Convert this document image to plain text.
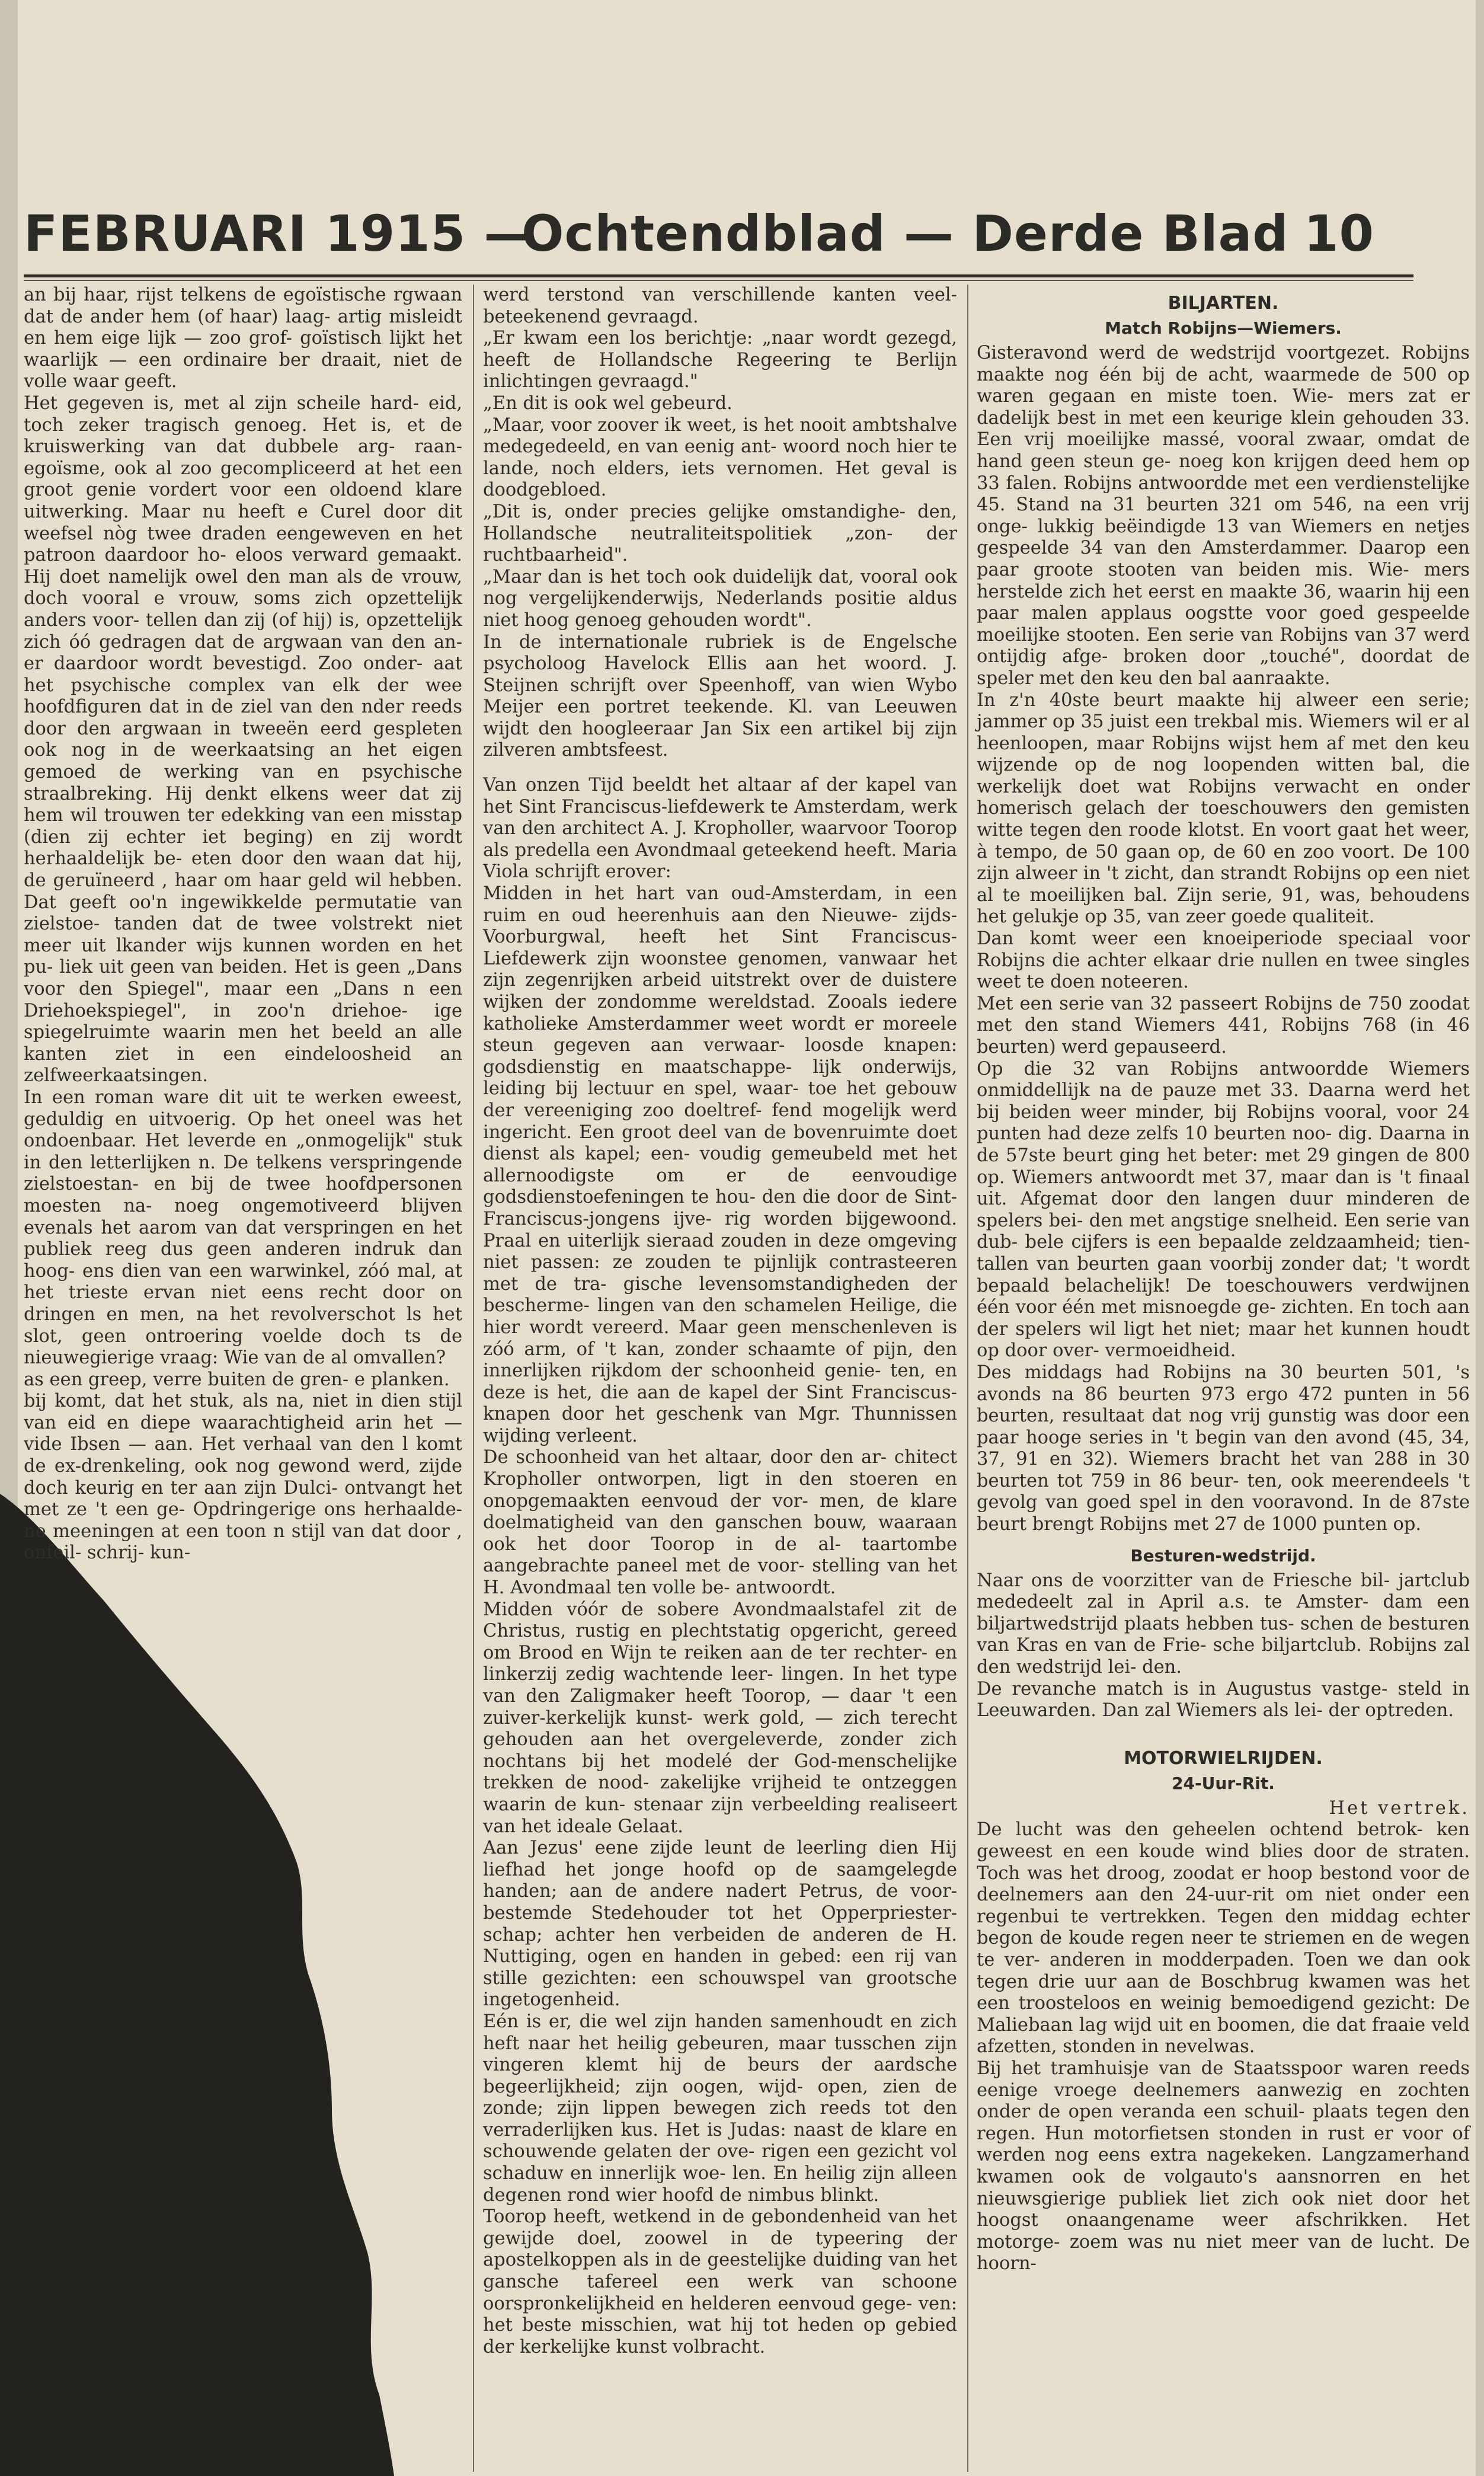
FEBRUARI 1915 —
Ochtendblad — Derde Blad 10

an bij haar, rijst telkens de egoïstische rgwaan dat de ander hem (of haar) laag- artig misleidt en hem eige lijk — zoo grof- goïstisch lijkt het waarlijk — een ordinaire ber draait, niet de volle waar geeft.

Het gegeven is, met al zijn scheile hard- eid, toch zeker tragisch genoeg. Het is, et de kruiswerking van dat dubbele arg- raan-egoïsme, ook al zoo gecompliceerd at het een groot genie vordert voor een oldoend klare uitwerking. Maar nu heeft e Curel door dit weefsel nòg twee draden eengeweven en het patroon daardoor ho- eloos verward gemaakt. Hij doet namelijk owel den man als de vrouw, doch vooral e vrouw, soms zich opzettelijk anders voor- tellen dan zij (of hij) is, opzettelijk zich óó gedragen dat de argwaan van den an- er daardoor wordt bevestigd. Zoo onder- aat het psychische complex van elk der wee hoofdfiguren dat in de ziel van den nder reeds door den argwaan in tweeën eerd gespleten ook nog in de weerkaatsing an het eigen gemoed de werking van en psychische straalbreking. Hij denkt elkens weer dat zij hem wil trouwen ter edekking van een misstap (dien zij echter iet beging) en zij wordt herhaaldelijk be- eten door den waan dat hij, de geruïneerd , haar om haar geld wil hebben. Dat geeft oo'n ingewikkelde permutatie van zielstoe- tanden dat de twee volstrekt niet meer uit lkander wijs kunnen worden en het pu- liek uit geen van beiden. Het is geen „Dans voor den Spiegel", maar een „Dans n een Driehoekspiegel", in zoo'n driehoe- ige spiegelruimte waarin men het beeld an alle kanten ziet in een eindeloosheid an zelfweerkaatsingen.

In een roman ware dit uit te werken eweest, geduldig en uitvoerig. Op het oneel was het ondoenbaar. Het leverde en „onmogelijk" stuk in den letterlijken n. De telkens verspringende zielstoestan- en bij de twee hoofdpersonen moesten na- noeg ongemotiveerd blijven evenals het aarom van dat verspringen en het publiek reeg dus geen anderen indruk dan hoog- ens dien van een warwinkel, zóó mal, at het trieste ervan niet eens recht door on dringen en men, na het revolverschot ls het slot, geen ontroering voelde doch ts de nieuwegierige vraag: Wie van de al omvallen?

as een greep, verre buiten de gren- e planken.

bij komt, dat het stuk, als na, niet in dien stijl van eid en diepe waarachtigheid arin het — vide Ibsen — aan. Het verhaal van den l komt de ex-drenkeling, ook nog gewond werd, zijde doch keurig en ter aan zijn Dulci- ontvangt het met ze 't een ge- Opdringerige ons herhaalde- ne meeningen at een toon n stijl van dat door , onfeil- schrij- kun-

werd terstond van verschillende kanten veel- beteekenend gevraagd.

„Er kwam een los berichtje: „naar wordt gezegd, heeft de Hollandsche Regeering te Berlijn inlichtingen gevraagd."

„En dit is ook wel gebeurd.

„Maar, voor zoover ik weet, is het nooit ambtshalve medegedeeld, en van eenig ant- woord noch hier te lande, noch elders, iets vernomen. Het geval is doodgebloed.

„Dit is, onder precies gelijke omstandighe- den, Hollandsche neutraliteitspolitiek „zon- der ruchtbaarheid".

„Maar dan is het toch ook duidelijk dat, vooral ook nog vergelijkenderwijs, Nederlands positie aldus niet hoog genoeg gehouden wordt".

In de internationale rubriek is de Engelsche psycholoog Havelock Ellis aan het woord. J. Steijnen schrijft over Speenhoff, van wien Wybo Meijer een portret teekende. Kl. van Leeuwen wijdt den hoogleeraar Jan Six een artikel bij zijn zilveren ambtsfeest.

Van onzen Tijd beeldt het altaar af der kapel van het Sint Franciscus-liefdewerk te Amsterdam, werk van den architect A. J. Kropholler, waarvoor Toorop als predella een Avondmaal geteekend heeft. Maria Viola schrijft erover:

Midden in het hart van oud-Amsterdam, in een ruim en oud heerenhuis aan den Nieuwe- zijds-Voorburgwal, heeft het Sint Franciscus- Liefdewerk zijn woonstee genomen, vanwaar het zijn zegenrijken arbeid uitstrekt over de duistere wijken der zondomme wereldstad. Zooals iedere katholieke Amsterdammer weet wordt er moreele steun gegeven aan verwaar- loosde knapen: godsdienstig en maatschappe- lijk onderwijs, leiding bij lectuur en spel, waar- toe het gebouw der vereeniging zoo doeltref- fend mogelijk werd ingericht. Een groot deel van de bovenruimte doet dienst als kapel; een- voudig gemeubeld met het allernoodigste om er de eenvoudige godsdienstoefeningen te hou- den die door de Sint- Franciscus-jongens ijve- rig worden bijgewoond. Praal en uiterlijk sieraad zouden in deze omgeving niet passen: ze zouden te pijnlijk contrasteeren met de tra- gische levensomstandigheden der bescherme- lingen van den schamelen Heilige, die hier wordt vereerd. Maar geen menschenleven is zóó arm, of 't kan, zonder schaamte of pijn, den innerlijken rijkdom der schoonheid genie- ten, en deze is het, die aan de kapel der Sint Franciscus-knapen door het geschenk van Mgr. Thunnissen wijding verleent.

De schoonheid van het altaar, door den ar- chitect Kropholler ontworpen, ligt in den stoeren en onopgemaakten eenvoud der vor- men, de klare doelmatigheid van den ganschen bouw, waaraan ook het door Toorop in de al- taartombe aangebrachte paneel met de voor- stelling van het H. Avondmaal ten volle be- antwoordt.

Midden vóór de sobere Avondmaalstafel zit de Christus, rustig en plechtstatig opgericht, gereed om Brood en Wijn te reiken aan de ter rechter- en linkerzij zedig wachtende leer- lingen. In het type van den Zaligmaker heeft Toorop, — daar 't een zuiver-kerkelijk kunst- werk gold, — zich terecht gehouden aan het overgeleverde, zonder zich nochtans bij het modelé der God-menschelijke trekken de nood- zakelijke vrijheid te ontzeggen waarin de kun- stenaar zijn verbeelding realiseert van het ideale Gelaat.

Aan Jezus' eene zijde leunt de leerling dien Hij liefhad het jonge hoofd op de saamgelegde handen; aan de andere nadert Petrus, de voor- bestemde Stedehouder tot het Opperpriester- schap; achter hen verbeiden de anderen de H. Nuttiging, ogen en handen in gebed: een rij van stille gezichten: een schouwspel van grootsche ingetogenheid.

Eén is er, die wel zijn handen samenhoudt en zich heft naar het heilig gebeuren, maar tusschen zijn vingeren klemt hij de beurs der aardsche begeerlijkheid; zijn oogen, wijd- open, zien de zonde; zijn lippen bewegen zich reeds tot den verraderlijken kus. Het is Judas: naast de klare en schouwende gelaten der ove- rigen een gezicht vol schaduw en innerlijk woe- len. En heilig zijn alleen degenen rond wier hoofd de nimbus blinkt.

Toorop heeft, wetkend in de gebondenheid van het gewijde doel, zoowel in de typeering der apostelkoppen als in de geestelijke duiding van het gansche tafereel een werk van schoone oorspronkelijkheid en helderen eenvoud gege- ven: het beste misschien, wat hij tot heden op gebied der kerkelijke kunst volbracht.

BILJARTEN.
Match Robijns—Wiemers.

Gisteravond werd de wedstrijd voortgezet. Robijns maakte nog één bij de acht, waarmede de 500 op waren gegaan en miste toen. Wie- mers zat er dadelijk best in met een keurige klein gehouden 33. Een vrij moeilijke massé, vooral zwaar, omdat de hand geen steun ge- noeg kon krijgen deed hem op 33 falen. Robijns antwoordde met een verdienstelijke 45. Stand na 31 beurten 321 om 546, na een vrij onge- lukkig beëindigde 13 van Wiemers en netjes gespeelde 34 van den Amsterdammer. Daarop een paar groote stooten van beiden mis. Wie- mers herstelde zich het eerst en maakte 36, waarin hij een paar malen applaus oogstte voor goed gespeelde moeilijke stooten. Een serie van Robijns van 37 werd ontijdig afge- broken door „touché", doordat de speler met den keu den bal aanraakte.

In z'n 40ste beurt maakte hij alweer een serie; jammer op 35 juist een trekbal mis. Wiemers wil er al heenloopen, maar Robijns wijst hem af met den keu wijzende op de nog loopenden witten bal, die werkelijk doet wat Robijns verwacht en onder homerisch gelach der toeschouwers den gemisten witte tegen den roode klotst. En voort gaat het weer, à tempo, de 50 gaan op, de 60 en zoo voort. De 100 zijn alweer in 't zicht, dan strandt Robijns op een niet al te moeilijken bal. Zijn serie, 91, was, behoudens het gelukje op 35, van zeer goede qualiteit.

Dan komt weer een knoeiperiode speciaal voor Robijns die achter elkaar drie nullen en twee singles weet te doen noteeren.

Met een serie van 32 passeert Robijns de 750 zoodat met den stand Wiemers 441, Robijns 768 (in 46 beurten) werd gepauseerd.

Op die 32 van Robijns antwoordde Wiemers onmiddellijk na de pauze met 33. Daarna werd het bij beiden weer minder, bij Robijns vooral, voor 24 punten had deze zelfs 10 beurten noo- dig. Daarna in de 57ste beurt ging het beter: met 29 gingen de 800 op. Wiemers antwoordt met 37, maar dan is 't finaal uit. Afgemat door den langen duur minderen de spelers bei- den met angstige snelheid. Een serie van dub- bele cijfers is een bepaalde zeldzaamheid; tien- tallen van beurten gaan voorbij zonder dat; 't wordt bepaald belachelijk! De toeschouwers verdwijnen één voor één met misnoegde ge- zichten. En toch aan der spelers wil ligt het niet; maar het kunnen houdt op door over- vermoeidheid.

Des middags had Robijns na 30 beurten 501, 's avonds na 86 beurten 973 ergo 472 punten in 56 beurten, resultaat dat nog vrij gunstig was door een paar hooge series in 't begin van den avond (45, 34, 37, 91 en 32). Wiemers bracht het van 288 in 30 beurten tot 759 in 86 beur- ten, ook meerendeels 't gevolg van goed spel in den vooravond. In de 87ste beurt brengt Robijns met 27 de 1000 punten op.

Besturen-wedstrijd.

Naar ons de voorzitter van de Friesche bil- jartclub mededeelt zal in April a.s. te Amster- dam een biljartwedstrijd plaats hebben tus- schen de besturen van Kras en van de Frie- sche biljartclub. Robijns zal den wedstrijd lei- den.

De revanche match is in Augustus vastge- steld in Leeuwarden. Dan zal Wiemers als lei- der optreden.

MOTORWIELRIJDEN.
24-Uur-Rit.

Het vertrek.

De lucht was den geheelen ochtend betrok- ken geweest en een koude wind blies door de straten. Toch was het droog, zoodat er hoop bestond voor de deelnemers aan den 24-uur-rit om niet onder een regenbui te vertrekken. Tegen den middag echter begon de koude regen neer te striemen en de wegen te ver- anderen in modderpaden. Toen we dan ook tegen drie uur aan de Boschbrug kwamen was het een troosteloos en weinig bemoedigend gezicht: De Maliebaan lag wijd uit en boomen, die dat fraaie veld afzetten, stonden in nevelwas.

Bij het tramhuisje van de Staatsspoor waren reeds eenige vroege deelnemers aanwezig en zochten onder de open veranda een schuil- plaats tegen den regen. Hun motorfietsen stonden in rust er voor of werden nog eens extra nagekeken. Langzamerhand kwamen ook de volgauto's aansnorren en het nieuwsgierige publiek liet zich ook niet door het hoogst onaangename weer afschrikken. Het motorge- zoem was nu niet meer van de lucht. De hoorn-
